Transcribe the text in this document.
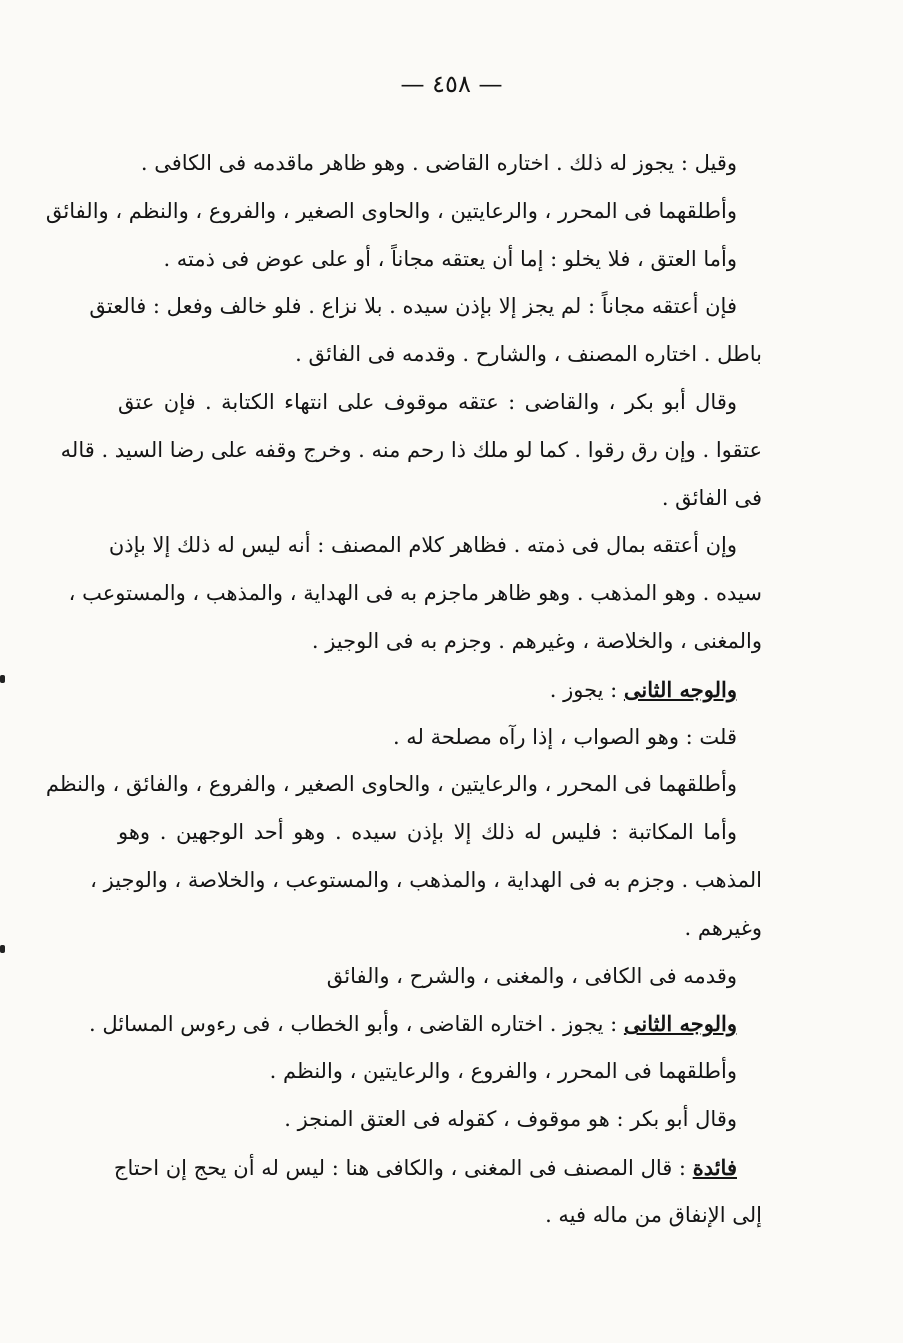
— ٤٥٨ —
وقيل : يجوز له ذلك . اختاره القاضى . وهو ظاهر ماقدمه فى الكافى .
وأطلقهما فى المحرر ، والرعايتين ، والحاوى الصغير ، والفروع ، والنظم ، والفائق
وأما العتق ، فلا يخلو : إما أن يعتقه مجاناً ، أو على عوض فى ذمته .
فإن أعتقه مجاناً : لم يجز إلا بإذن سيده . بلا نزاع . فلو خالف وفعل : فالعتق
باطل . اختاره المصنف ، والشارح . وقدمه فى الفائق .
وقال أبو بكر ، والقاضى : عتقه موقوف على انتهاء الكتابة . فإن عتق
عتقوا . وإن رق رقوا . كما لو ملك ذا رحم منه . وخرج وقفه على رضا السيد . قاله
فى الفائق .
وإن أعتقه بمال فى ذمته . فظاهر كلام المصنف : أنه ليس له ذلك إلا بإذن
سيده . وهو المذهب . وهو ظاهر ماجزم به فى الهداية ، والمذهب ، والمستوعب ،
والمغنى ، والخلاصة ، وغيرهم . وجزم به فى الوجيز .
والوجه الثانى : يجوز .
قلت : وهو الصواب ، إذا رآه مصلحة له .
وأطلقهما فى المحرر ، والرعايتين ، والحاوى الصغير ، والفروع ، والفائق ، والنظم
وأما المكاتبة : فليس له ذلك إلا بإذن سيده . وهو أحد الوجهين . وهو
المذهب . وجزم به فى الهداية ، والمذهب ، والمستوعب ، والخلاصة ، والوجيز ،
وغيرهم .
وقدمه فى الكافى ، والمغنى ، والشرح ، والفائق
والوجه الثانى : يجوز . اختاره القاضى ، وأبو الخطاب ، فى رءوس المسائل .
وأطلقهما فى المحرر ، والفروع ، والرعايتين ، والنظم .
وقال أبو بكر : هو موقوف ، كقوله فى العتق المنجز .
فائدة : قال المصنف فى المغنى ، والكافى هنا : ليس له أن يحج إن احتاج
إلى الإنفاق من ماله فيه .
